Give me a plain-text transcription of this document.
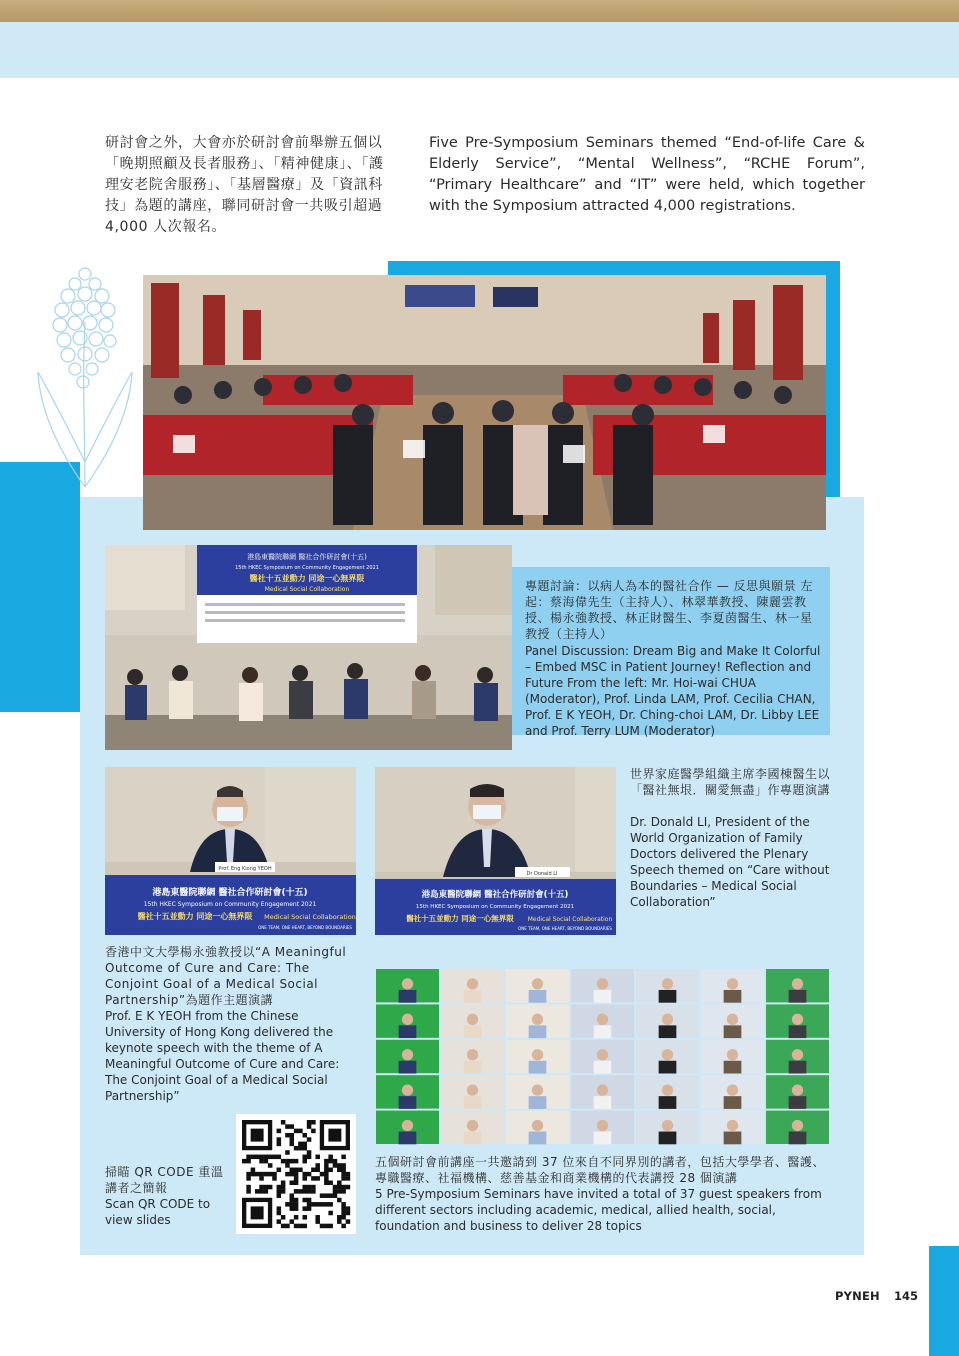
研討會之外，大會亦於研討會前舉辦五個以「晚期照顧及長者服務」、「精神健康」、「護理安老院舍服務」、「基層醫療」及「資訊科技」為題的講座，聯同研討會一共吸引超過 4,000 人次報名。
Five Pre-Symposium Seminars themed “End-of-life Care & Elderly Service”, “Mental Wellness”, “RCHE Forum”, “Primary Healthcare” and “IT” were held, which together with the Symposium attracted 4,000 registrations.
港島東醫院聯網 醫社合作研討會(十五)
15th HKEC Symposium on Community Engagement 2021
醫社十五並動力 同途一心無界限
Medical Social Collaboration	專題討論：以病人為本的醫社合作 — 反思與願景 左起：蔡海偉先生（主持人）、林翠華教授、陳麗雲教授、楊永強教授、林正財醫生、李夏茵醫生、林一星教授（主持人）
Panel Discussion: Dream Big and Make It Colorful – Embed MSC in Patient Journey! Reflection and Future From the left: Mr. Hoi-wai CHUA (Moderator), Prof. Linda LAM, Prof. Cecilia CHAN, Prof. E K YEOH, Dr. Ching-choi LAM, Dr. Libby LEE and Prof. Terry LUM (Moderator)
Prof. Eng Kiong YEOH
港島東醫院聯網 醫社合作研討會(十五)
15th HKEC Symposium on Community Engagement 2021
醫社十五並動力 同途一心無界限 Medical Social Collaboration
ONE TEAM, ONE HEART, BEYOND BOUNDARIES
Dr Donald LI
港島東醫院聯網 醫社合作研討會(十五)
15th HKEC Symposium on Community Engagement 2021
醫社十五並動力 同途一心無界限 Medical Social Collaboration
ONE TEAM, ONE HEART, BEYOND BOUNDARIES
世界家庭醫學組織主席李國棟醫生以「醫社無垠．關愛無盡」作專題演講
Dr. Donald LI, President of the World Organization of Family Doctors delivered the Plenary Speech themed on “Care without Boundaries – Medical Social Collaboration”
香港中文大學楊永強教授以“A Meaningful Outcome of Cure and Care: The Conjoint Goal of a Medical Social Partnership”為題作主題演講
Prof. E K YEOH from the Chinese University of Hong Kong delivered the keynote speech with the theme of A Meaningful Outcome of Cure and Care: The Conjoint Goal of a Medical Social Partnership”
掃瞄 QR CODE 重溫講者之簡報
Scan QR CODE to view slides
五個研討會前講座一共邀請到 37 位來自不同界別的講者，包括大學學者、醫護、專職醫療、社福機構、慈善基金和商業機構的代表講授 28 個演講
5 Pre-Symposium Seminars have invited a total of 37 guest speakers from different sectors including academic, medical, allied health, social, foundation and business to deliver 28 topics
PYNEH 145
